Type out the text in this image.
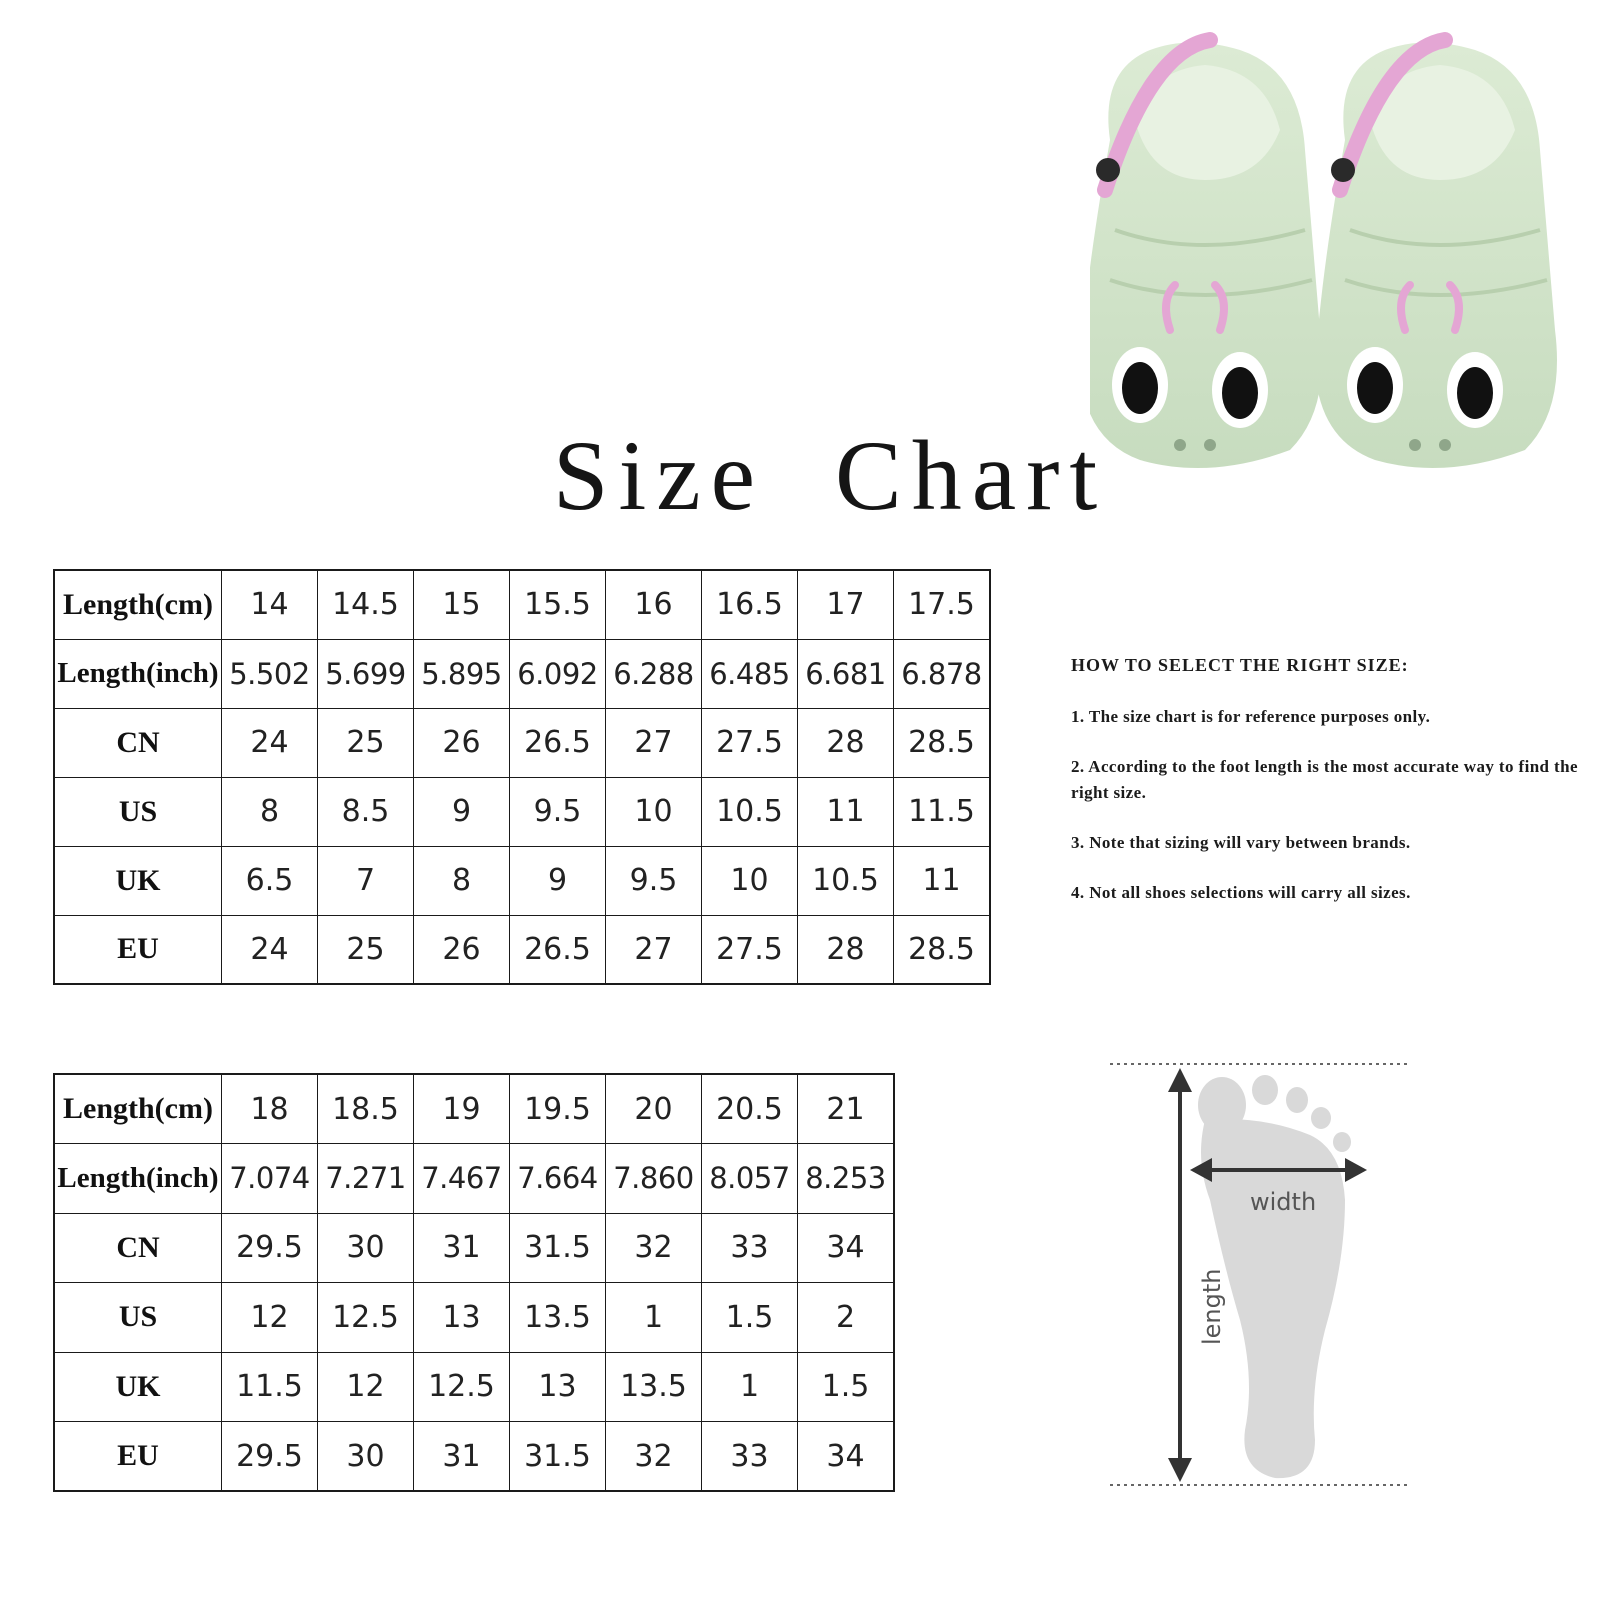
Size  Chart
Length(cm)	14	14.5	15	15.5	16	16.5	17	17.5
Length(inch)	5.502	5.699	5.895	6.092	6.288	6.485	6.681	6.878
CN	24	25	26	26.5	27	27.5	28	28.5
US	8	8.5	9	9.5	10	10.5	11	11.5
UK	6.5	7	8	9	9.5	10	10.5	11
EU	24	25	26	26.5	27	27.5	28	28.5
Length(cm)	18	18.5	19	19.5	20	20.5	21
Length(inch)	7.074	7.271	7.467	7.664	7.860	8.057	8.253
CN	29.5	30	31	31.5	32	33	34
US	12	12.5	13	13.5	1	1.5	2
UK	11.5	12	12.5	13	13.5	1	1.5
EU	29.5	30	31	31.5	32	33	34

HOW TO SELECT THE RIGHT SIZE:

1. The size chart is for reference purposes only.

2. According to the foot length is the most accurate way to find the right size.

3. Note that sizing will vary between brands.

4. Not all shoes selections will carry all sizes.

width
length
